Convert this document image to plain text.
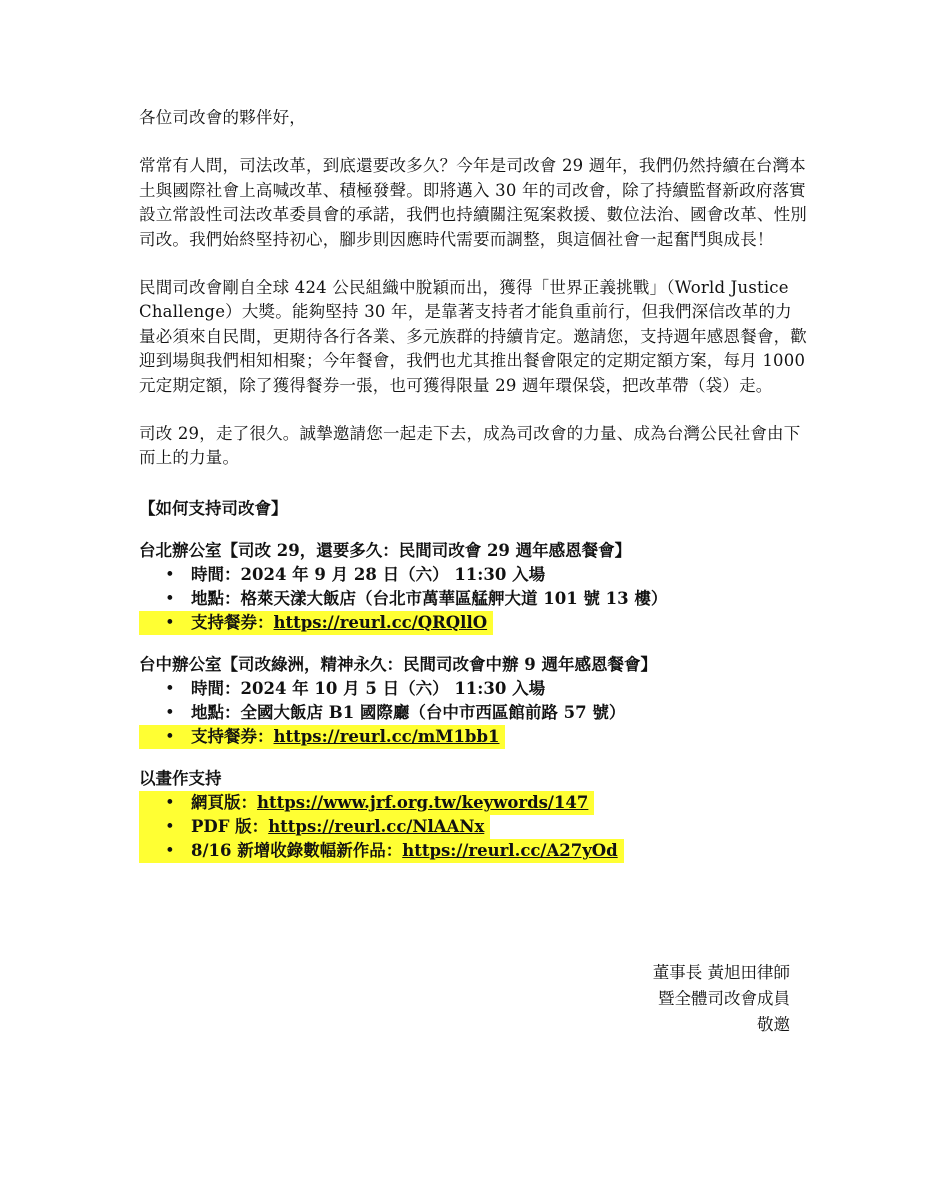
各位司改會的夥伴好，

常常有人問，司法改革，到底還要改多久？今年是司改會 29 週年，我們仍然持續在台灣本土與國際社會上高喊改革、積極發聲。即將邁入 30 年的司改會，除了持續監督新政府落實設立常設性司法改革委員會的承諾，我們也持續關注冤案救援、數位法治、國會改革、性別司改。我們始終堅持初心，腳步則因應時代需要而調整，與這個社會一起奮鬥與成長！

民間司改會剛自全球 424 公民組織中脫穎而出，獲得「世界正義挑戰」（World Justice Challenge）大獎。能夠堅持 30 年，是靠著支持者才能負重前行，但我們深信改革的力量必須來自民間，更期待各行各業、多元族群的持續肯定。邀請您，支持週年感恩餐會，歡迎到場與我們相知相聚；今年餐會，我們也尤其推出餐會限定的定期定額方案，每月 1000 元定期定額，除了獲得餐券一張，也可獲得限量 29 週年環保袋，把改革帶（袋）走。

司改 29，走了很久。誠摯邀請您一起走下去，成為司改會的力量、成為台灣公民社會由下而上的力量。

【如何支持司改會】
台北辦公室【司改 29，還要多久：民間司改會 29 週年感恩餐會】
• 時間：2024 年 9 月 28 日（六） 11:30 入場
• 地點：格萊天漾大飯店（台北市萬華區艋舺大道 101 號 13 樓）
• 支持餐券：https://reurl.cc/QRQllO
台中辦公室【司改綠洲，精神永久：民間司改會中辦 9 週年感恩餐會】
• 時間：2024 年 10 月 5 日（六） 11:30 入場
• 地點：全國大飯店 B1 國際廳（台中市西區館前路 57 號）
• 支持餐券：https://reurl.cc/mM1bb1
以畫作支持
• 網頁版：https://www.jrf.org.tw/keywords/147
• PDF 版：https://reurl.cc/NlAANx
• 8/16 新增收錄數幅新作品：https://reurl.cc/A27yOd
董事長 黃旭田律師
暨全體司改會成員
敬邀
